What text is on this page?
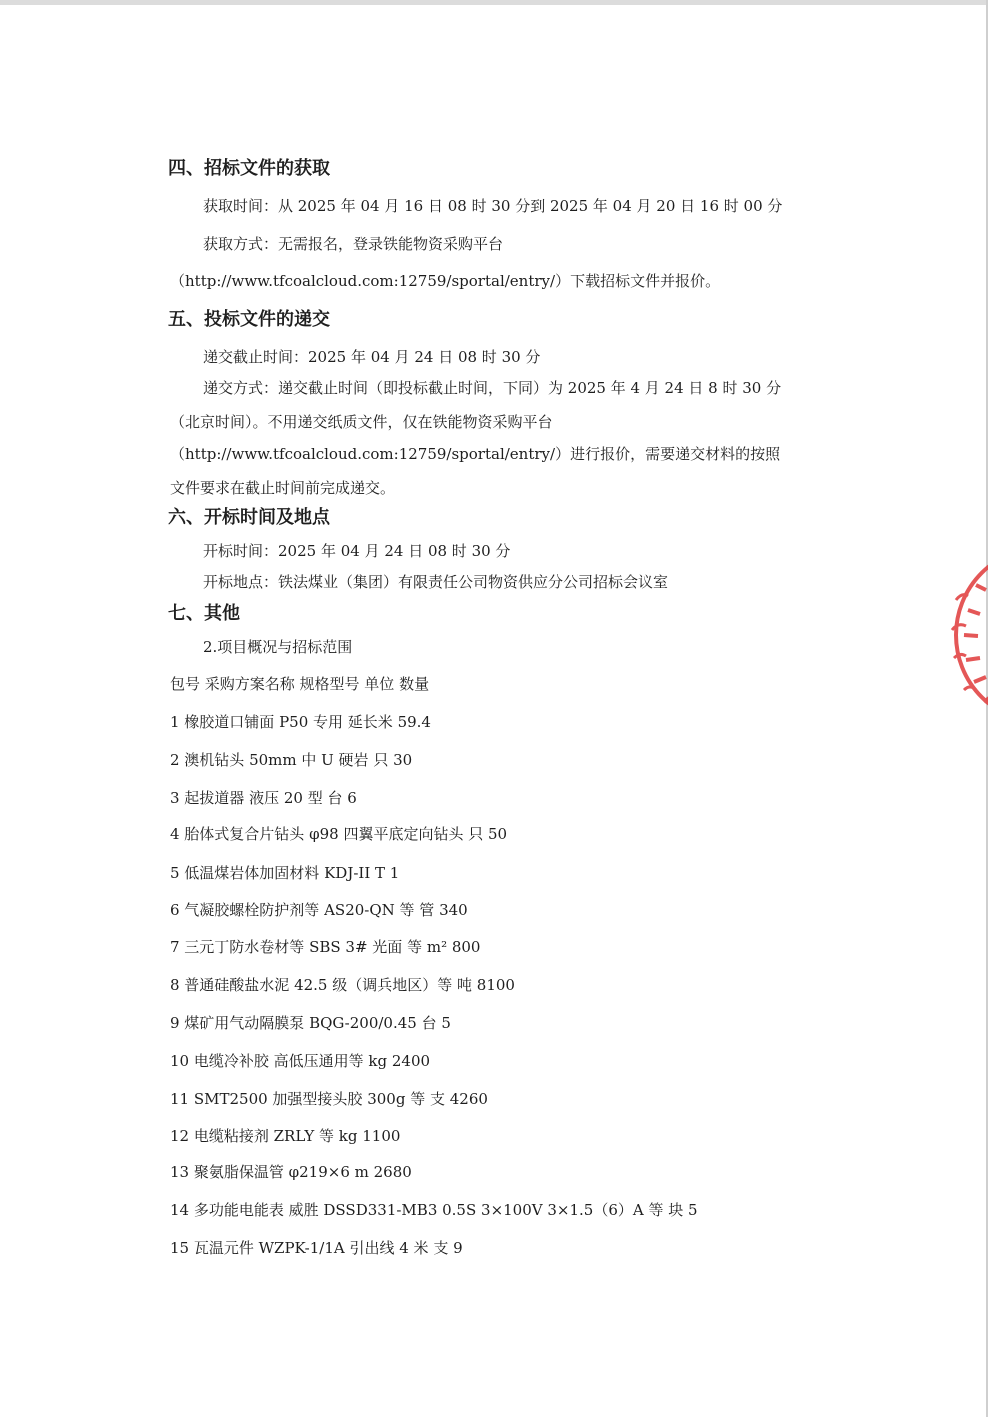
四、招标文件的获取
获取时间：从 2025 年 04 月 16 日 08 时 30 分到 2025 年 04 月 20 日 16 时 00 分
获取方式：无需报名，登录铁能物资采购平台
（http://www.tfcoalcloud.com:12759/sportal/entry/）下载招标文件并报价。
五、投标文件的递交
递交截止时间：2025 年 04 月 24 日 08 时 30 分
递交方式：递交截止时间（即投标截止时间，下同）为 2025 年 4 月 24 日 8 时 30 分
（北京时间）。不用递交纸质文件，仅在铁能物资采购平台
（http://www.tfcoalcloud.com:12759/sportal/entry/）进行报价，需要递交材料的按照
文件要求在截止时间前完成递交。
六、开标时间及地点
开标时间：2025 年 04 月 24 日 08 时 30 分
开标地点：铁法煤业（集团）有限责任公司物资供应分公司招标会议室
七、其他
2.项目概况与招标范围
包号 采购方案名称 规格型号 单位 数量
1 橡胶道口铺面 P50 专用 延长米 59.4
2 澳机钻头 50mm 中 U 硬岩 只 30
3 起拔道器 液压 20 型 台 6
4 胎体式复合片钻头 φ98 四翼平底定向钻头 只 50
5 低温煤岩体加固材料 KDJ-II T 1
6 气凝胶螺栓防护剂等 AS20-QN 等 管 340
7 三元丁防水卷材等 SBS 3# 光面 等 m² 800
8 普通硅酸盐水泥 42.5 级（调兵地区）等 吨 8100
9 煤矿用气动隔膜泵 BQG-200/0.45 台 5
10 电缆冷补胶 高低压通用等 kg 2400
11 SMT2500 加强型接头胶 300g 等 支 4260
12 电缆粘接剂 ZRLY 等 kg 1100
13 聚氨脂保温管 φ219×6 m 2680
14 多功能电能表 威胜 DSSD331-MB3 0.5S 3×100V 3×1.5（6）A 等 块 5
15 瓦温元件 WZPK-1/1A 引出线 4 米 支 9
